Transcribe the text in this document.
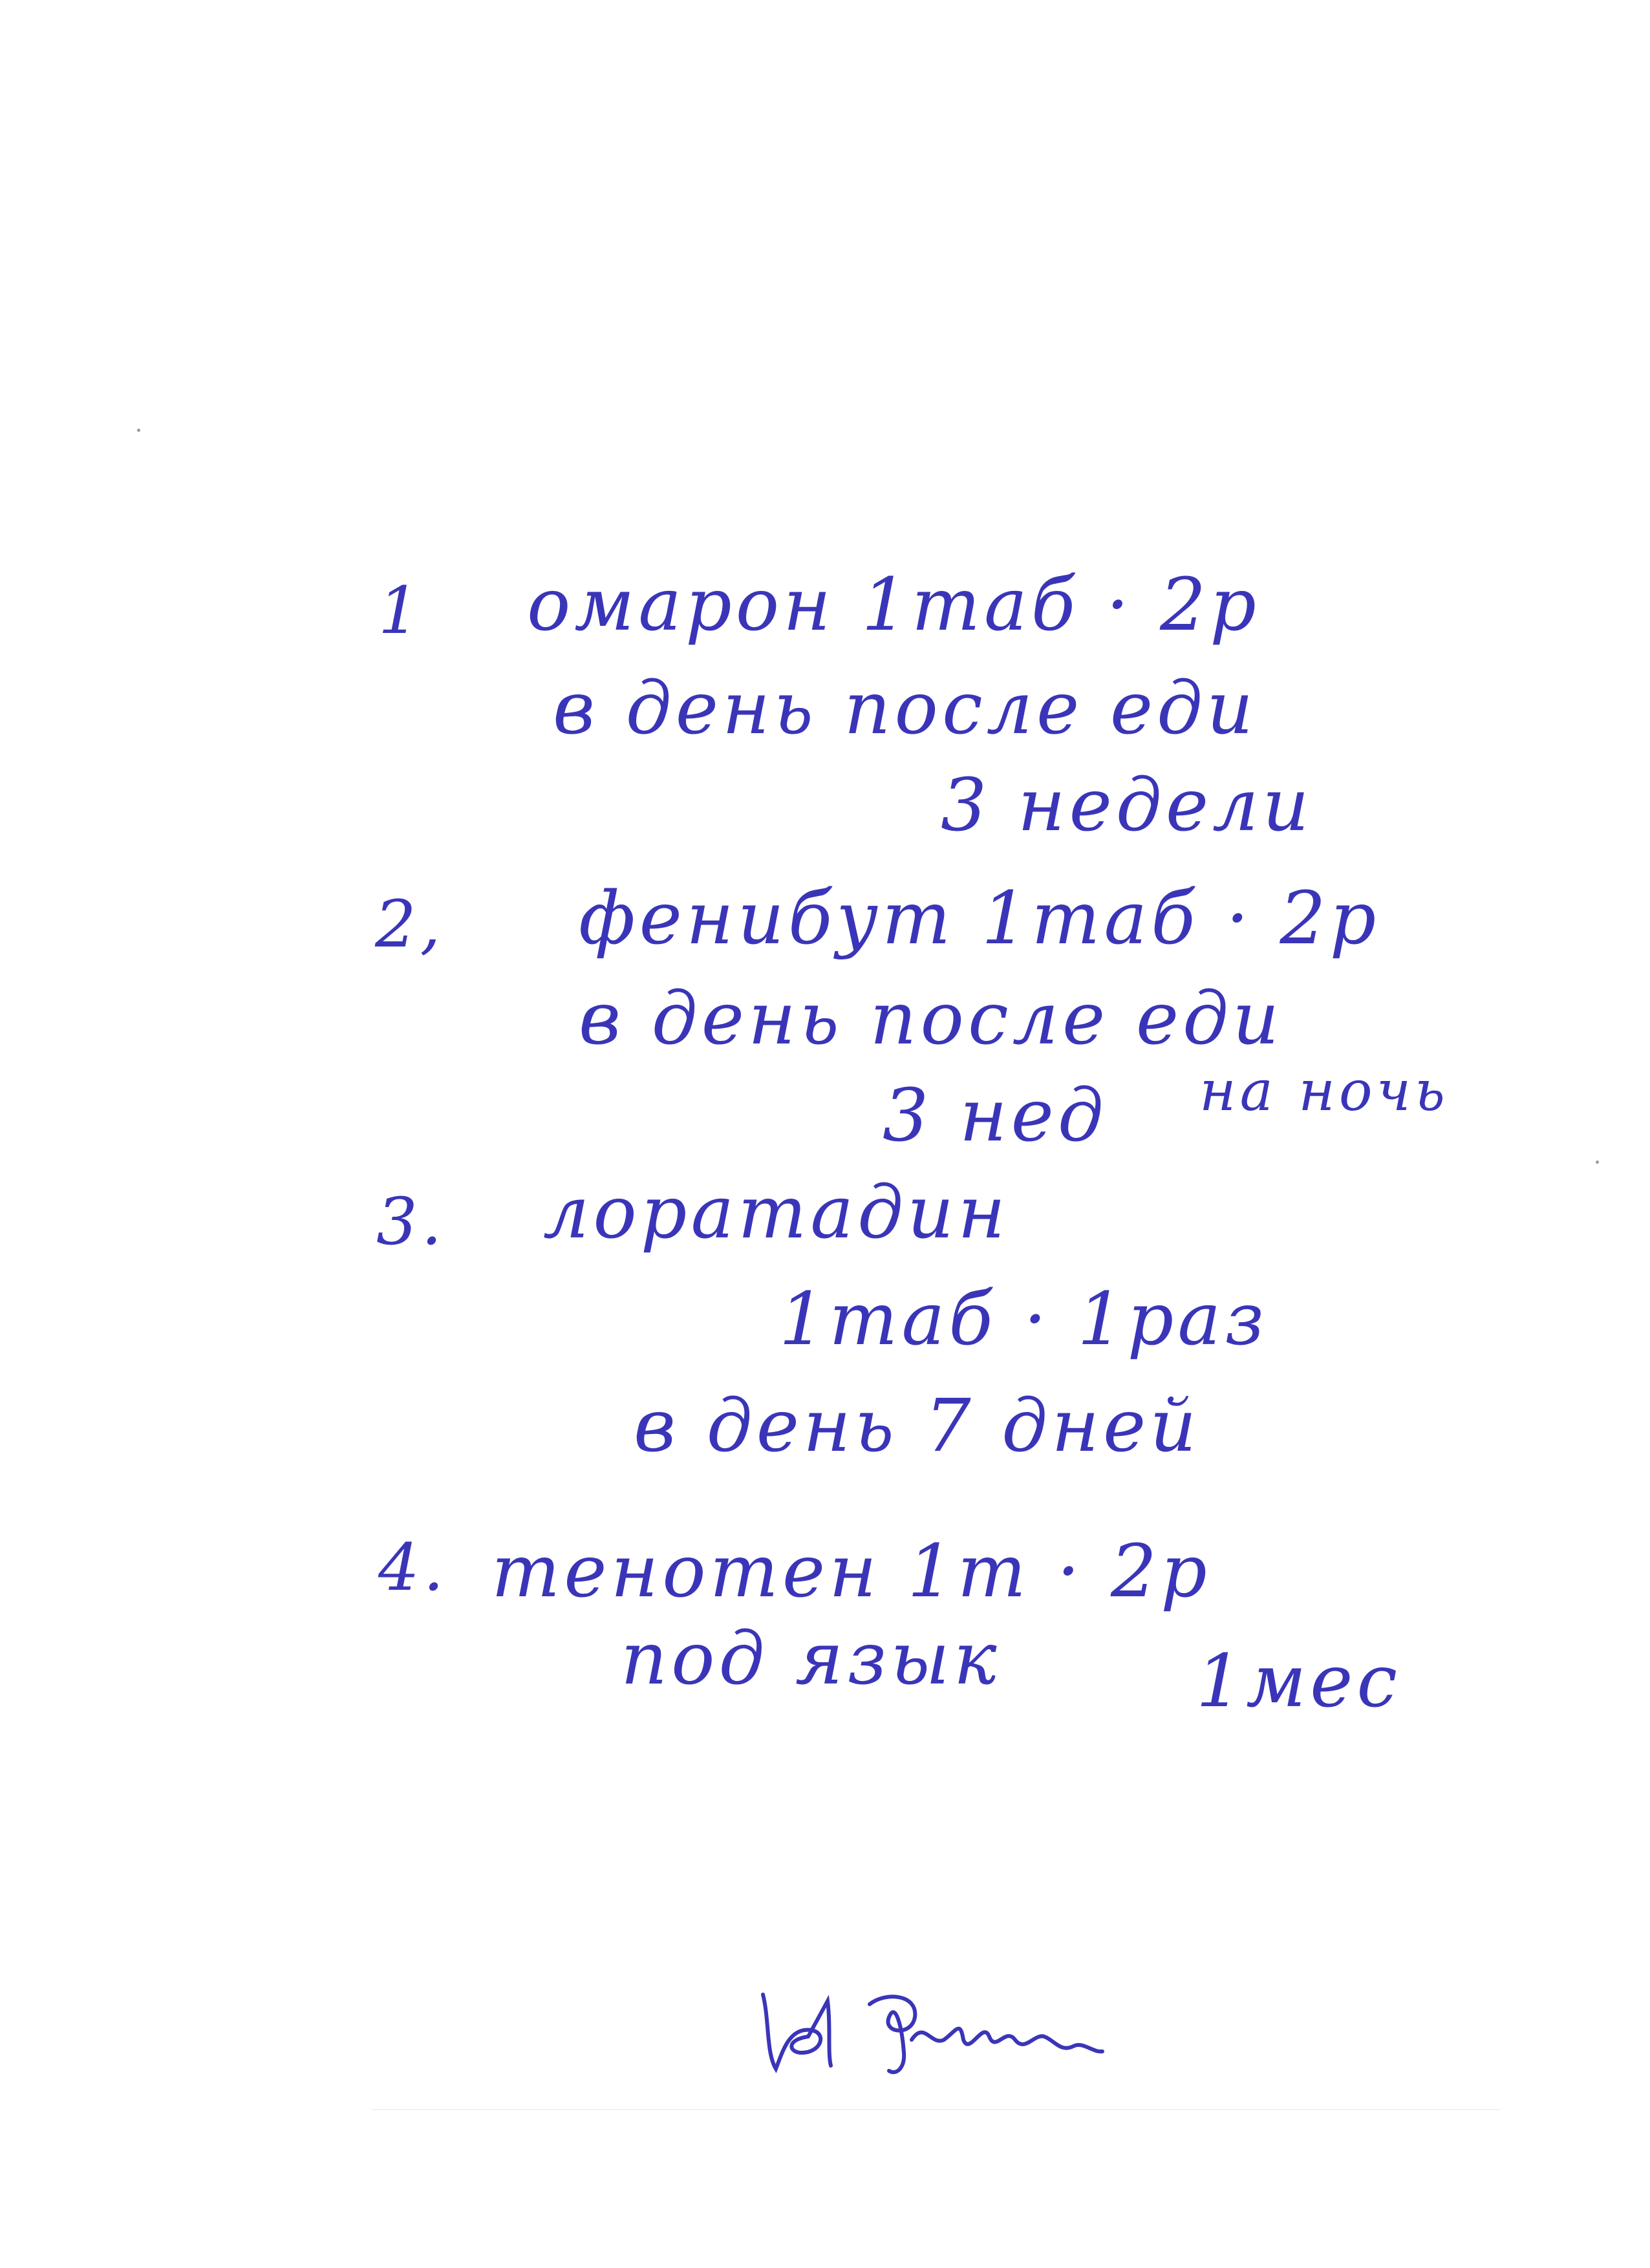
1 омарон 1таб · 2р
в день после еди
3 недели
2, фенибут 1таб · 2р
в день после еди
3 нед на ночь
3. лоратадин
1таб · 1раз
в день 7 дней
4. тенотен 1т · 2р
под язык	1мес
